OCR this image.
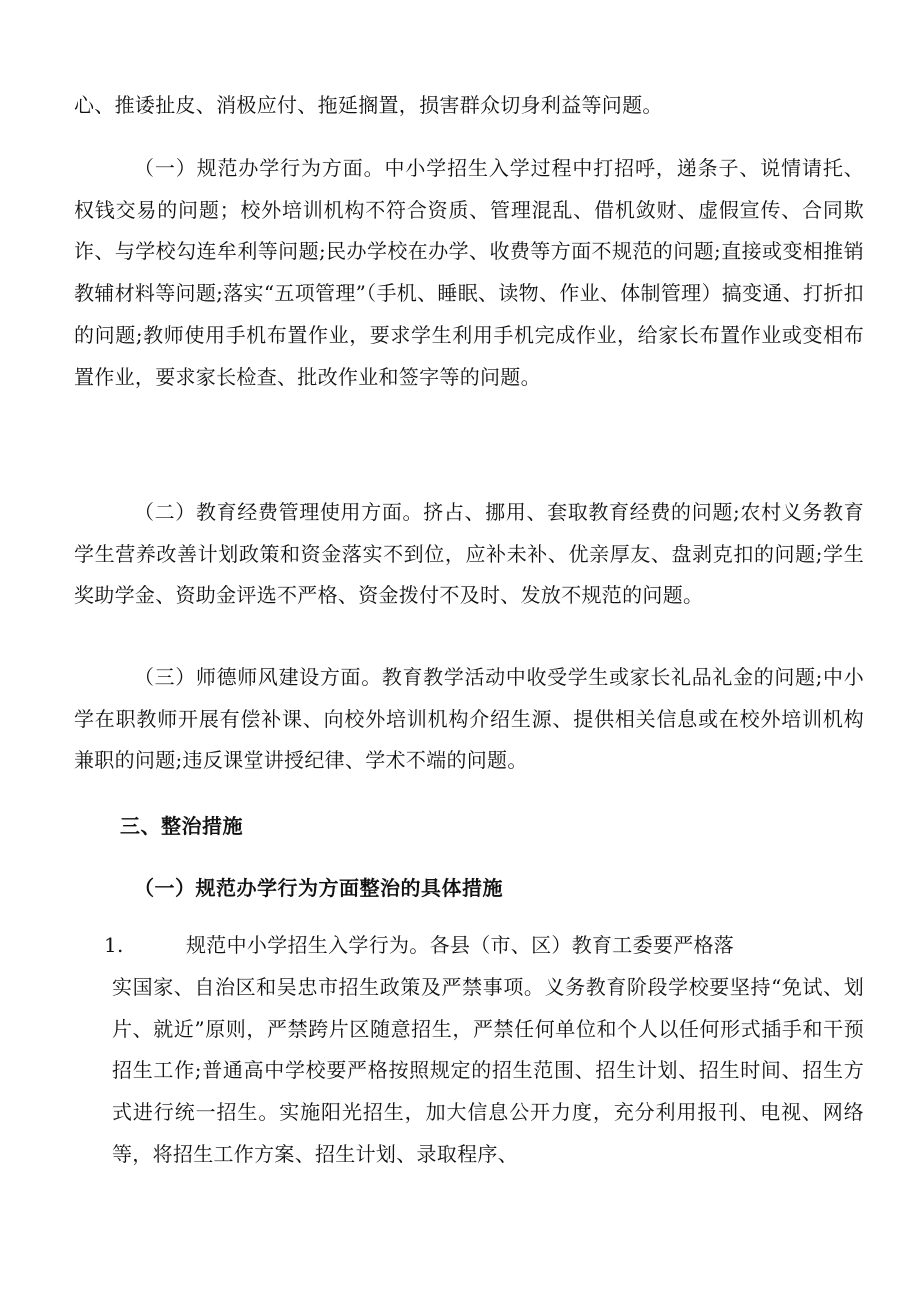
心、推诿扯皮、消极应付、拖延搁置，损害群众切身利益等问题。

（一）规范办学行为方面。中小学招生入学过程中打招呼，递条子、说情请托、权钱交易的问题；校外培训机构不符合资质、管理混乱、借机敛财、虚假宣传、合同欺诈、与学校勾连牟利等问题;民办学校在办学、收费等方面不规范的问题;直接或变相推销教辅材料等问题;落实“五项管理”（手机、睡眠、读物、作业、体制管理）搞变通、打折扣的问题;教师使用手机布置作业，要求学生利用手机完成作业，给家长布置作业或变相布置作业，要求家长检查、批改作业和签字等的问题。

（二）教育经费管理使用方面。挤占、挪用、套取教育经费的问题;农村义务教育学生营养改善计划政策和资金落实不到位，应补未补、优亲厚友、盘剥克扣的问题;学生奖助学金、资助金评选不严格、资金拨付不及时、发放不规范的问题。

（三）师德师风建设方面。教育教学活动中收受学生或家长礼品礼金的问题;中小学在职教师开展有偿补课、向校外培训机构介绍生源、提供相关信息或在校外培训机构兼职的问题;违反课堂讲授纪律、学术不端的问题。

三、整治措施
（一）规范办学行为方面整治的具体措施
1.	规范中小学招生入学行为。各县（市、区）教育工委要严格落

实国家、自治区和吴忠市招生政策及严禁事项。义务教育阶段学校要坚持“免试、划片、就近”原则，严禁跨片区随意招生，严禁任何单位和个人以任何形式插手和干预招生工作;普通高中学校要严格按照规定的招生范围、招生计划、招生时间、招生方式进行统一招生。实施阳光招生，加大信息公开力度，充分利用报刊、电视、网络等，将招生工作方案、招生计划、录取程序、
